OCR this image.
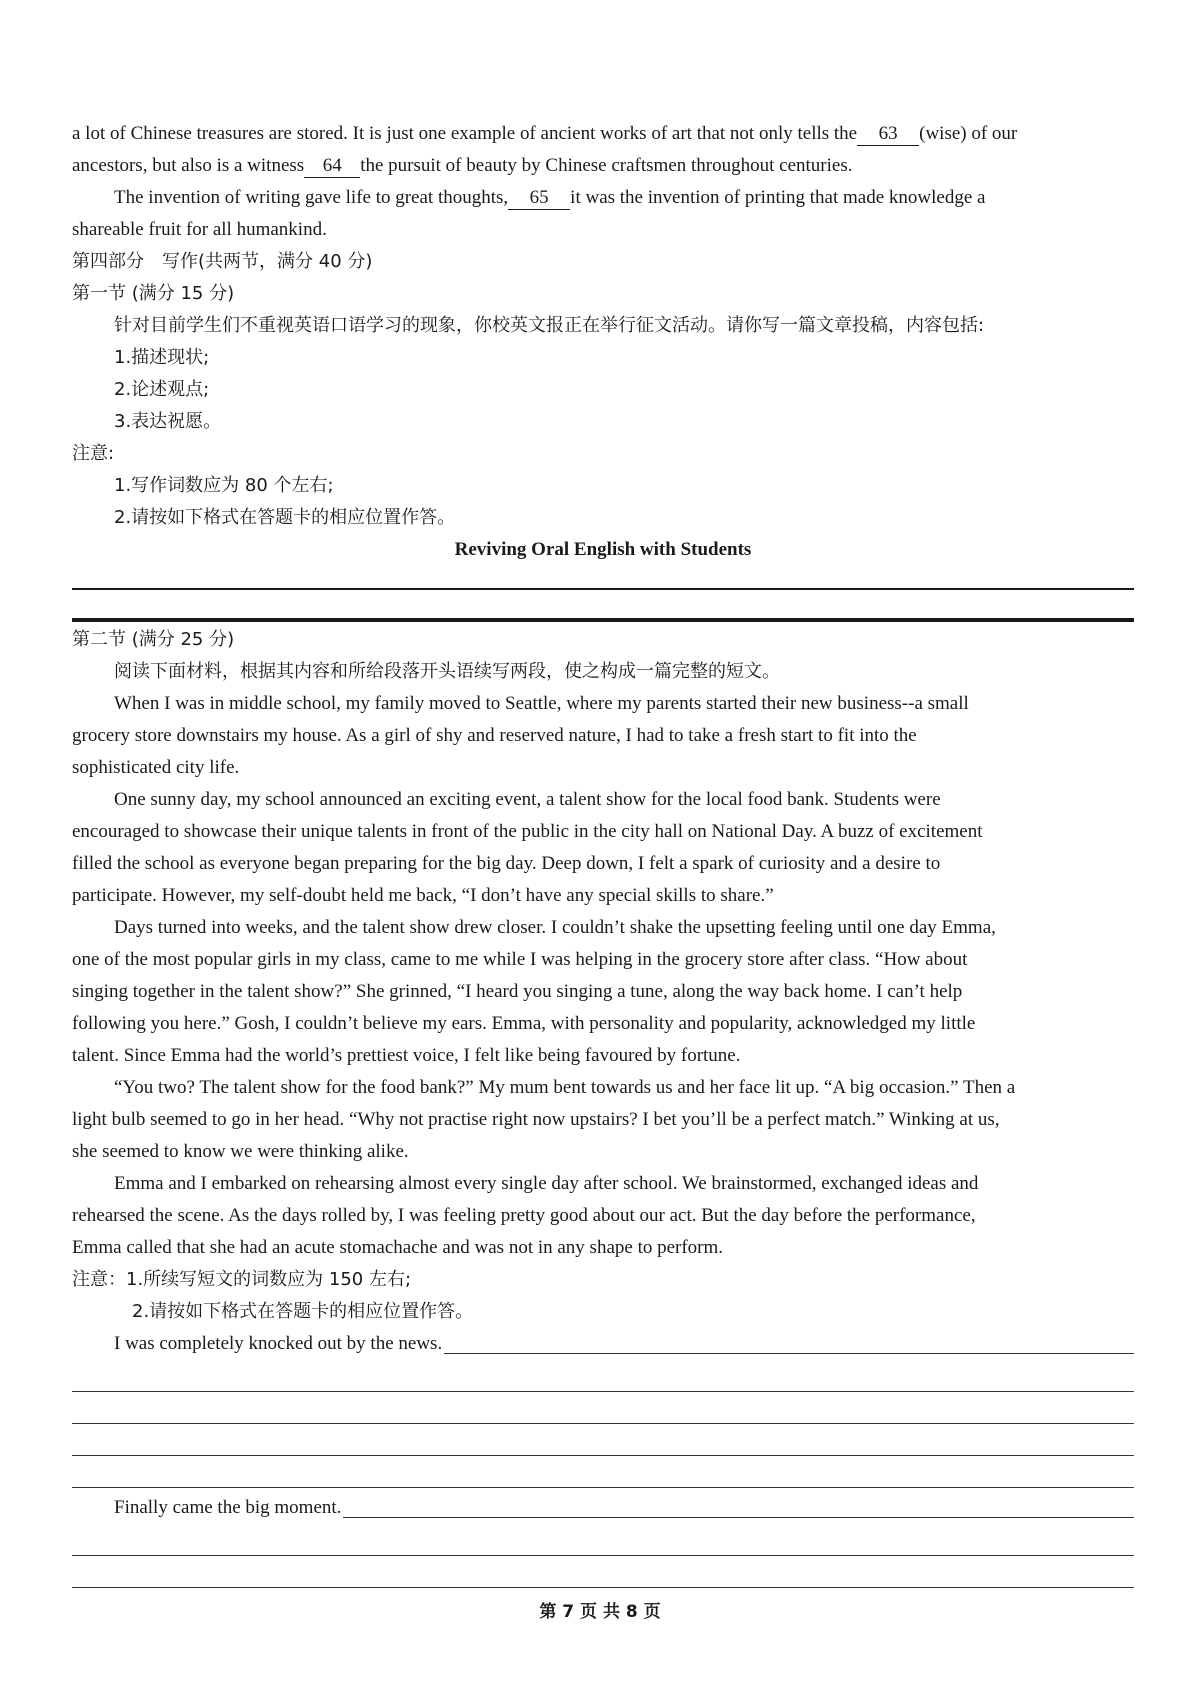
a lot of Chinese treasures are stored. It is just one example of ancient works of art that not only tells the 63 (wise) of our
ancestors, but also is a witness 64 the pursuit of beauty by Chinese craftsmen throughout centuries.

The invention of writing gave life to great thoughts, 65 it was the invention of printing that made knowledge a
shareable fruit for all humankind.

第四部分　写作(共两节，满分 40 分)

第一节 (满分 15 分)

针对目前学生们不重视英语口语学习的现象，你校英文报正在举行征文活动。请你写一篇文章投稿，内容包括:

1.描述现状;

2.论述观点;

3.表达祝愿。

注意:

1.写作词数应为 80 个左右;

2.请按如下格式在答题卡的相应位置作答。

Reviving Oral English with Students

第二节 (满分 25 分)

阅读下面材料，根据其内容和所给段落开头语续写两段，使之构成一篇完整的短文。

When I was in middle school, my family moved to Seattle, where my parents started their new business--a small
grocery store downstairs my house. As a girl of shy and reserved nature, I had to take a fresh start to fit into the
sophisticated city life.

One sunny day, my school announced an exciting event, a talent show for the local food bank. Students were
encouraged to showcase their unique talents in front of the public in the city hall on National Day. A buzz of excitement
filled the school as everyone began preparing for the big day. Deep down, I felt a spark of curiosity and a desire to
participate. However, my self-doubt held me back, “I don’t have any special skills to share.”

Days turned into weeks, and the talent show drew closer. I couldn’t shake the upsetting feeling until one day Emma,
one of the most popular girls in my class, came to me while I was helping in the grocery store after class. “How about
singing together in the talent show?” She grinned, “I heard you singing a tune, along the way back home. I can’t help
following you here.” Gosh, I couldn’t believe my ears. Emma, with personality and popularity, acknowledged my little
talent. Since Emma had the world’s prettiest voice, I felt like being favoured by fortune.

“You two? The talent show for the food bank?” My mum bent towards us and her face lit up. “A big occasion.” Then a
light bulb seemed to go in her head. “Why not practise right now upstairs? I bet you’ll be a perfect match.” Winking at us,
she seemed to know we were thinking alike.

Emma and I embarked on rehearsing almost every single day after school. We brainstormed, exchanged ideas and
rehearsed the scene. As the days rolled by, I was feeling pretty good about our act. But the day before the performance,
Emma called that she had an acute stomachache and was not in any shape to perform.

注意：1.所续写短文的词数应为 150 左右;

2.请按如下格式在答题卡的相应位置作答。

I was completely knocked out by the news.
Finally came the big moment.
第 7 页 共 8 页
